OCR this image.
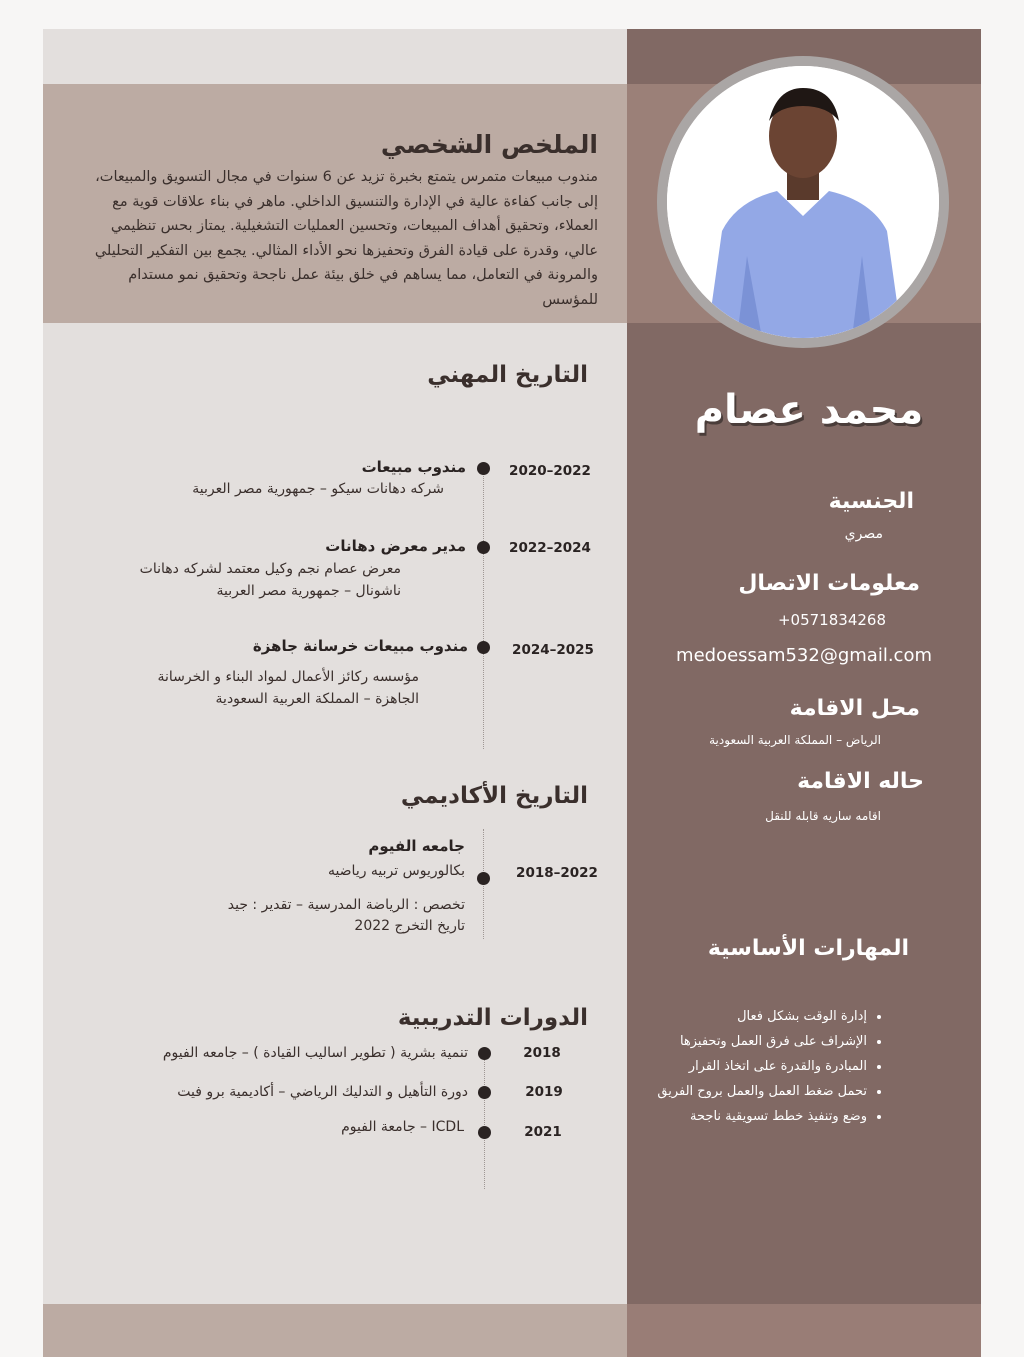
الملخص الشخصي

مندوب مبيعات متمرس يتمتع بخبرة تزيد عن 6 سنوات في مجال التسويق والمبيعات، إلى جانب كفاءة عالية في الإدارة والتنسيق الداخلي. ماهر في بناء علاقات قوية مع العملاء، وتحقيق أهداف المبيعات، وتحسين العمليات التشغيلية. يمتاز بحس تنظيمي عالي، وقدرة على قيادة الفرق وتحفيزها نحو الأداء المثالي. يجمع بين التفكير التحليلي والمرونة في التعامل، مما يساهم في خلق بيئة عمل ناجحة وتحقيق نمو مستدام للمؤسس

التاريخ المهني
2020–2022
مندوب مبيعات
شركه دهانات سيكو – جمهورية مصر العربية
2022–2024
مدير معرض دهانات
معرض عصام نجم وكيل معتمد لشركه دهانات ناشونال – جمهورية مصر العربية
2024–2025
مندوب مبيعات خرسانة جاهزة
مؤسسه ركائز الأعمال لمواد البناء و الخرسانة الجاهزة – المملكة العربية السعودية
التاريخ الأكاديمي
جامعه الفيوم
بكالوريوس تربيه رياضيه	2018–2022
تخصص : الرياضة المدرسية – تقدير : جيد
تاريخ التخرج 2022
الدورات التدريبية
2018
تنمية بشرية ( تطوير اساليب القيادة ) – جامعه الفيوم
2019
دورة التأهيل و التدليك الرياضي – أكاديمية برو فيت
2021
ICDL – جامعة الفيوم
محمد عصام
الجنسية
مصري
معلومات الاتصال
+0571834268
medoessam532@gmail.com
محل الاقامة
الرياض – المملكة العربية السعودية
حاله الاقامة
اقامه ساريه قابله للنقل
المهارات الأساسية
• إدارة الوقت بشكل فعال
• الإشراف على فرق العمل وتحفيزها
• المبادرة والقدرة على اتخاذ القرار
• تحمل ضغط العمل والعمل بروح الفريق
• وضع وتنفيذ خطط تسويقية ناجحة
